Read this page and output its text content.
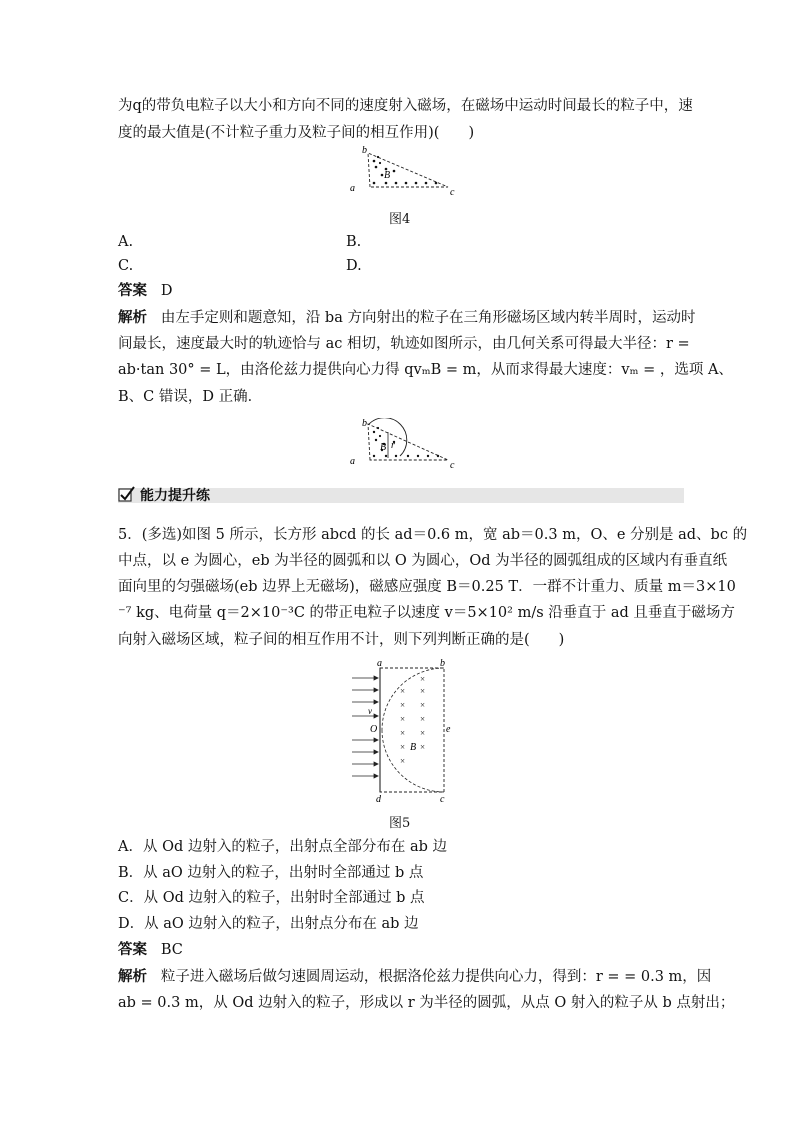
为q的带负电粒子以大小和方向不同的速度射入磁场，在磁场中运动时间最长的粒子中，速
度的最大值是(不计粒子重力及粒子间的相互作用)(　　)
a
b
c
B
图4
A.	B.
C.	D.
答案 D
解析 由左手定则和题意知，沿 ba 方向射出的粒子在三角形磁场区域内转半周时，运动时
间最长，速度最大时的轨迹恰与 ac 相切，轨迹如图所示，由几何关系可得最大半径：r =
ab·tan 30° = L，由洛伦兹力提供向心力得 qvₘB = m，从而求得最大速度：vₘ = ，选项 A、
B、C 错误，D 正确．
a
b
c
B r
能力提升练
5．(多选)如图 5 所示，长方形 abcd 的长 ad＝0.6 m，宽 ab＝0.3 m，O、e 分别是 ad、bc 的
中点，以 e 为圆心，eb 为半径的圆弧和以 O 为圆心，Od 为半径的圆弧组成的区域内有垂直纸
面向里的匀强磁场(eb 边界上无磁场)，磁感应强度 B＝0.25 T．一群不计重力、质量 m＝3×10
⁻⁷ kg、电荷量 q＝2×10⁻³C 的带正电粒子以速度 v＝5×10² m/s 沿垂直于 ad 且垂直于磁场方
向射入磁场区域，粒子间的相互作用不计，则下列判断正确的是(　　)
×
× ×
× ×
× ×
× ×
× ×
×
a	b
e
O
v
B
d	c
图5
A．从 Od 边射入的粒子，出射点全部分布在 ab 边
B．从 aO 边射入的粒子，出射时全部通过 b 点
C．从 Od 边射入的粒子，出射时全部通过 b 点
D．从 aO 边射入的粒子，出射点分布在 ab 边
答案 BC
解析 粒子进入磁场后做匀速圆周运动，根据洛伦兹力提供向心力，得到：r = = 0.3 m，因
ab = 0.3 m，从 Od 边射入的粒子，形成以 r 为半径的圆弧，从点 O 射入的粒子从 b 点射出；
